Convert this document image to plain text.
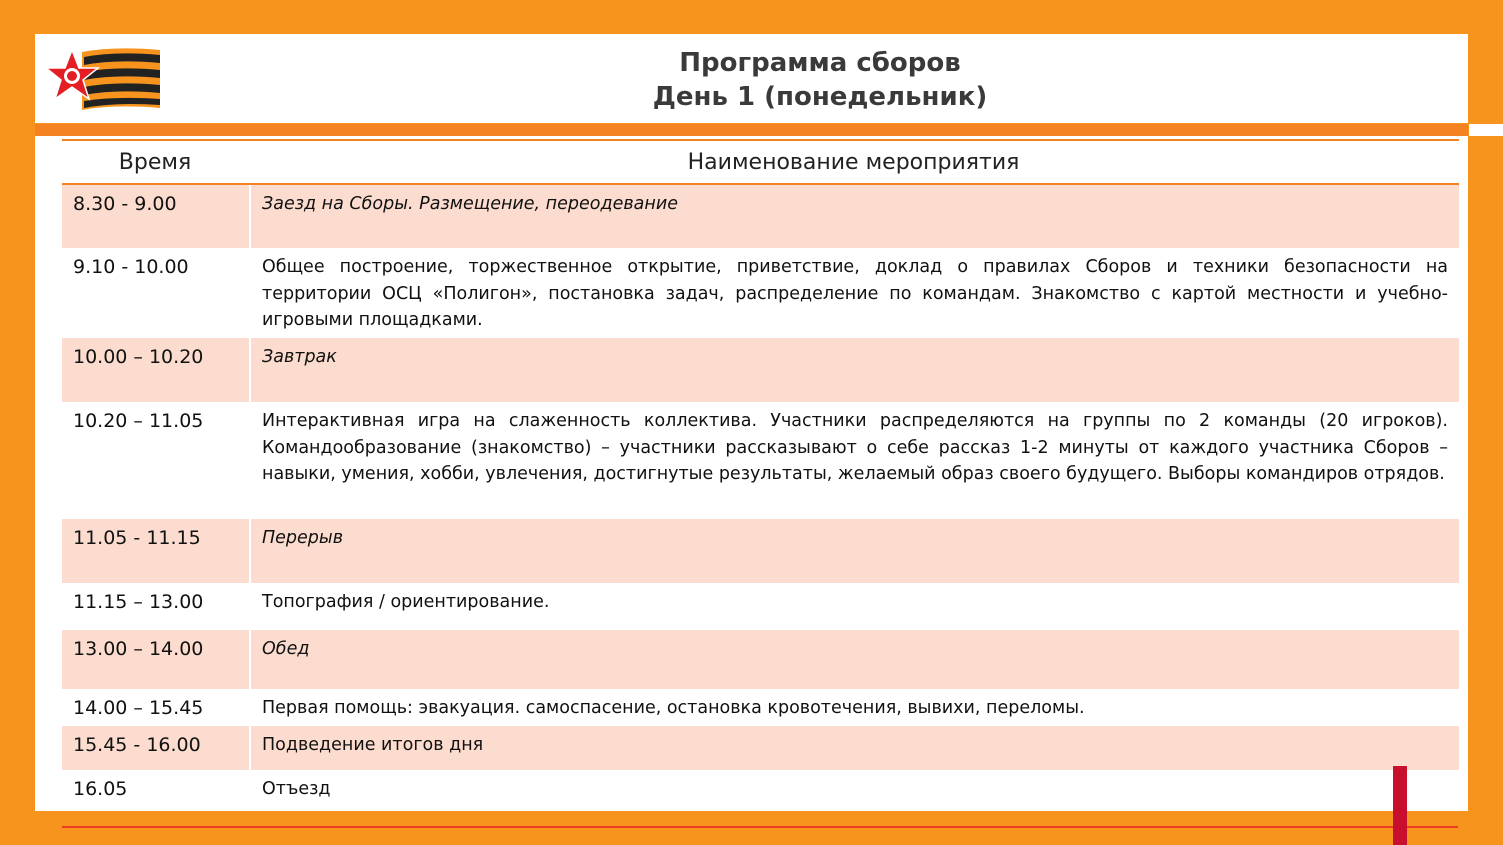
Программа сборов
День 1 (понедельник)
Время	Наименование мероприятия
8.30 - 9.00	Заезд на Сборы. Размещение, переодевание
9.10 - 10.00	Общее построение, торжественное открытие, приветствие, доклад о правилах Сборов и техники безопасности на территории ОСЦ «Полигон», постановка задач, распределение по командам. Знакомство с картой местности и учебно-игровыми площадками.
10.00 – 10.20	Завтрак
10.20 – 11.05	Интерактивная игра на слаженность коллектива. Участники распределяются на группы по 2 команды (20 игроков). Командообразование (знакомство) – участники рассказывают о себе рассказ 1-2 минуты от каждого участника Сборов – навыки, умения, хобби, увлечения, достигнутые результаты, желаемый образ своего будущего. Выборы командиров отрядов.
11.05 - 11.15	Перерыв
11.15 – 13.00	Топография / ориентирование.
13.00 – 14.00	Обед
14.00 – 15.45	Первая помощь: эвакуация. самоспасение, остановка кровотечения, вывихи, переломы.
15.45 - 16.00	Подведение итогов дня
16.05	Отъезд
